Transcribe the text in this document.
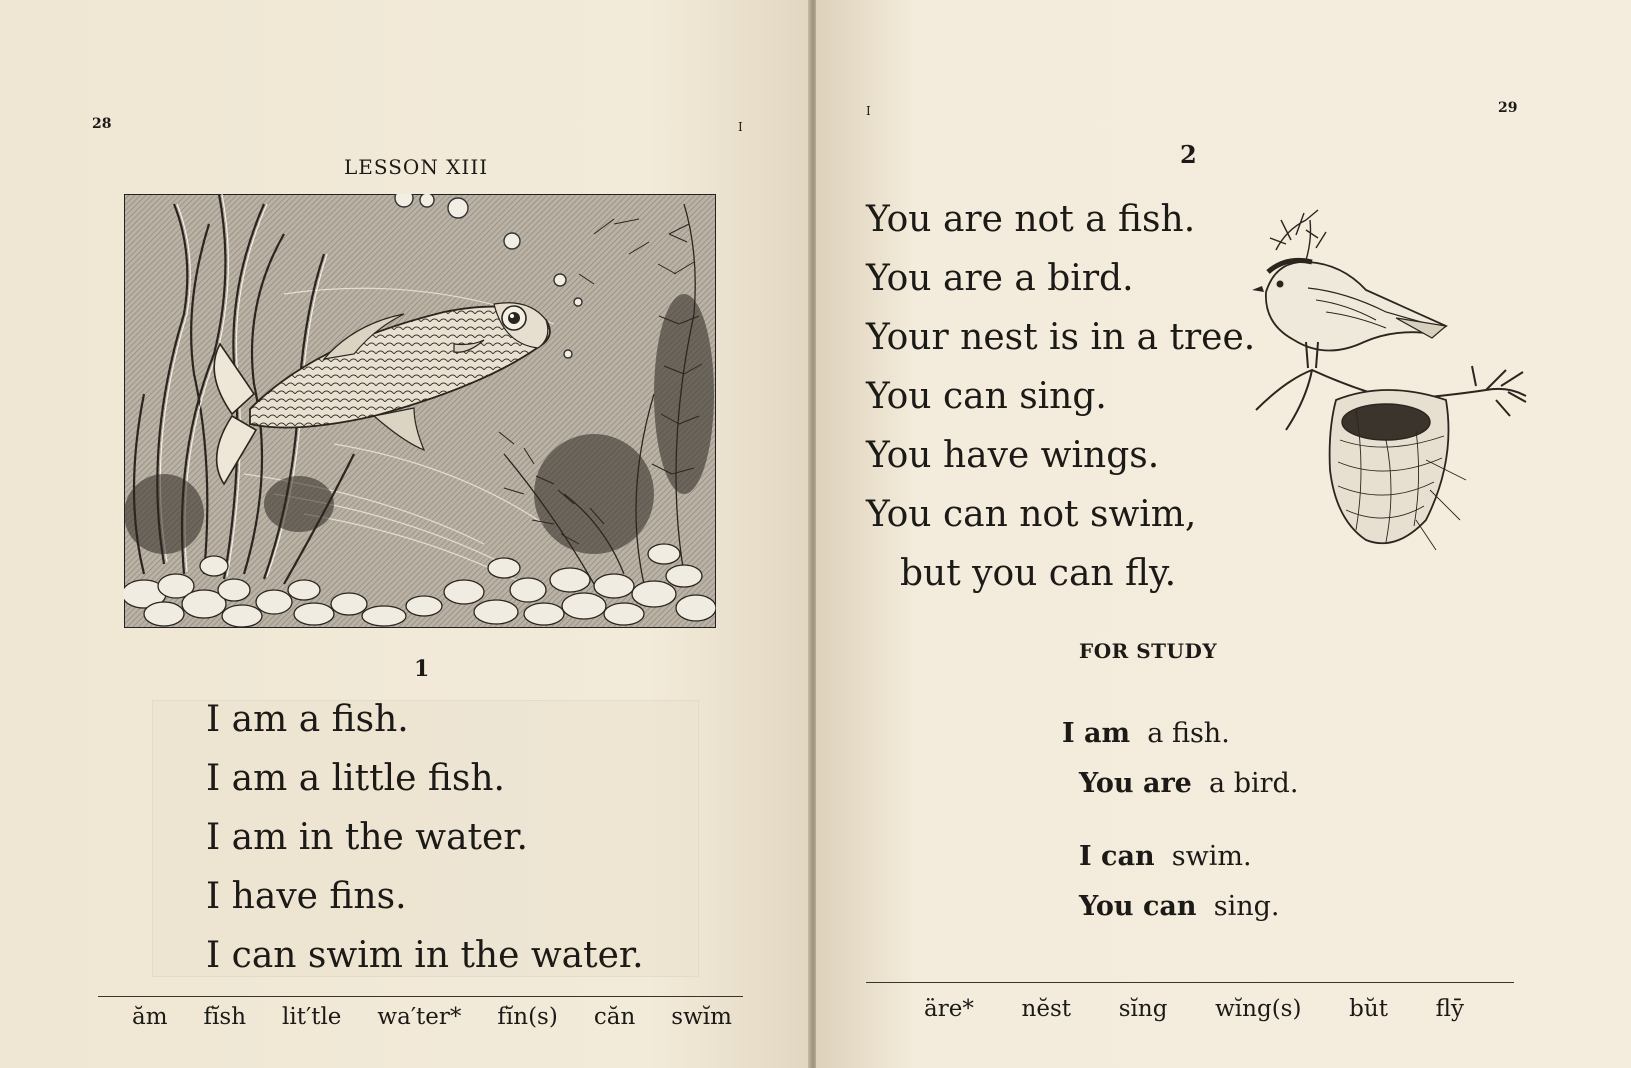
28	I
LESSON XIII
1
I am a fish.
I am a little fish.
I am in the water.
I have fins.
I can swim in the water.
ăm fĭsh lit′tle wa′ter* fĭn(s) căn swĭm
I	29
2
You are not a fish.
You are a bird.
Your nest is in a tree.
You can sing.
You have wings.
You can not swim,
but you can fly.
FOR STUDY
I am a fish.
You are a bird.
I can swim.
You can sing.
äre* nĕst sĭng wĭng(s) bŭt flȳ
